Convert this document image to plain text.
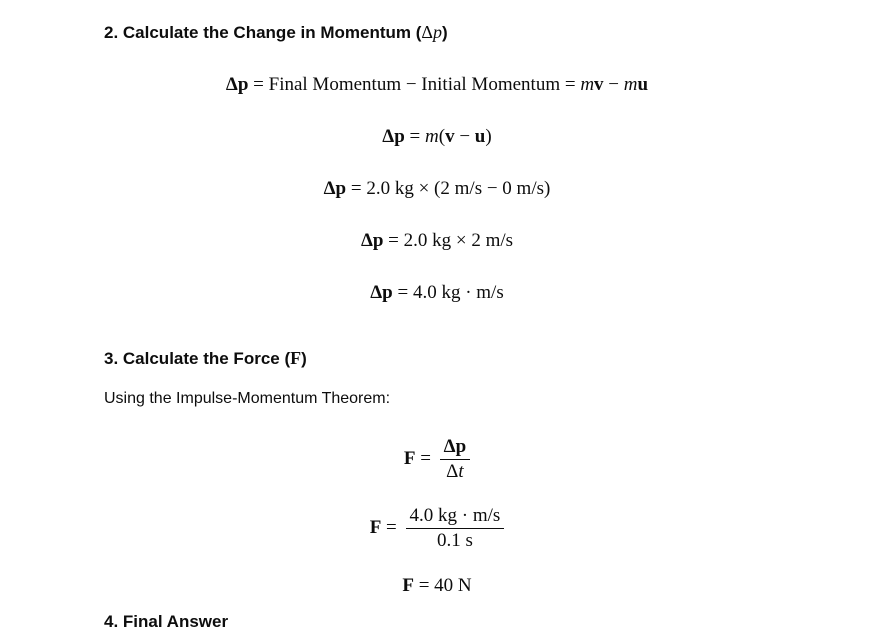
2. Calculate the Change in Momentum (Δp)
Δp = Final Momentum − Initial Momentum = mv − mu
Δp = m(v − u)
Δp = 2.0 kg × (2 m/s − 0 m/s)
Δp = 2.0 kg × 2 m/s
Δp = 4.0 kg · m/s
3. Calculate the Force (F)

Using the Impulse-Momentum Theorem:

$F = \frac{\Delta p}{\Delta t}$
$F = \frac{4.0 kg \cdot m/s}{0.1 s}$
F = 40 N
4. Final Answer
